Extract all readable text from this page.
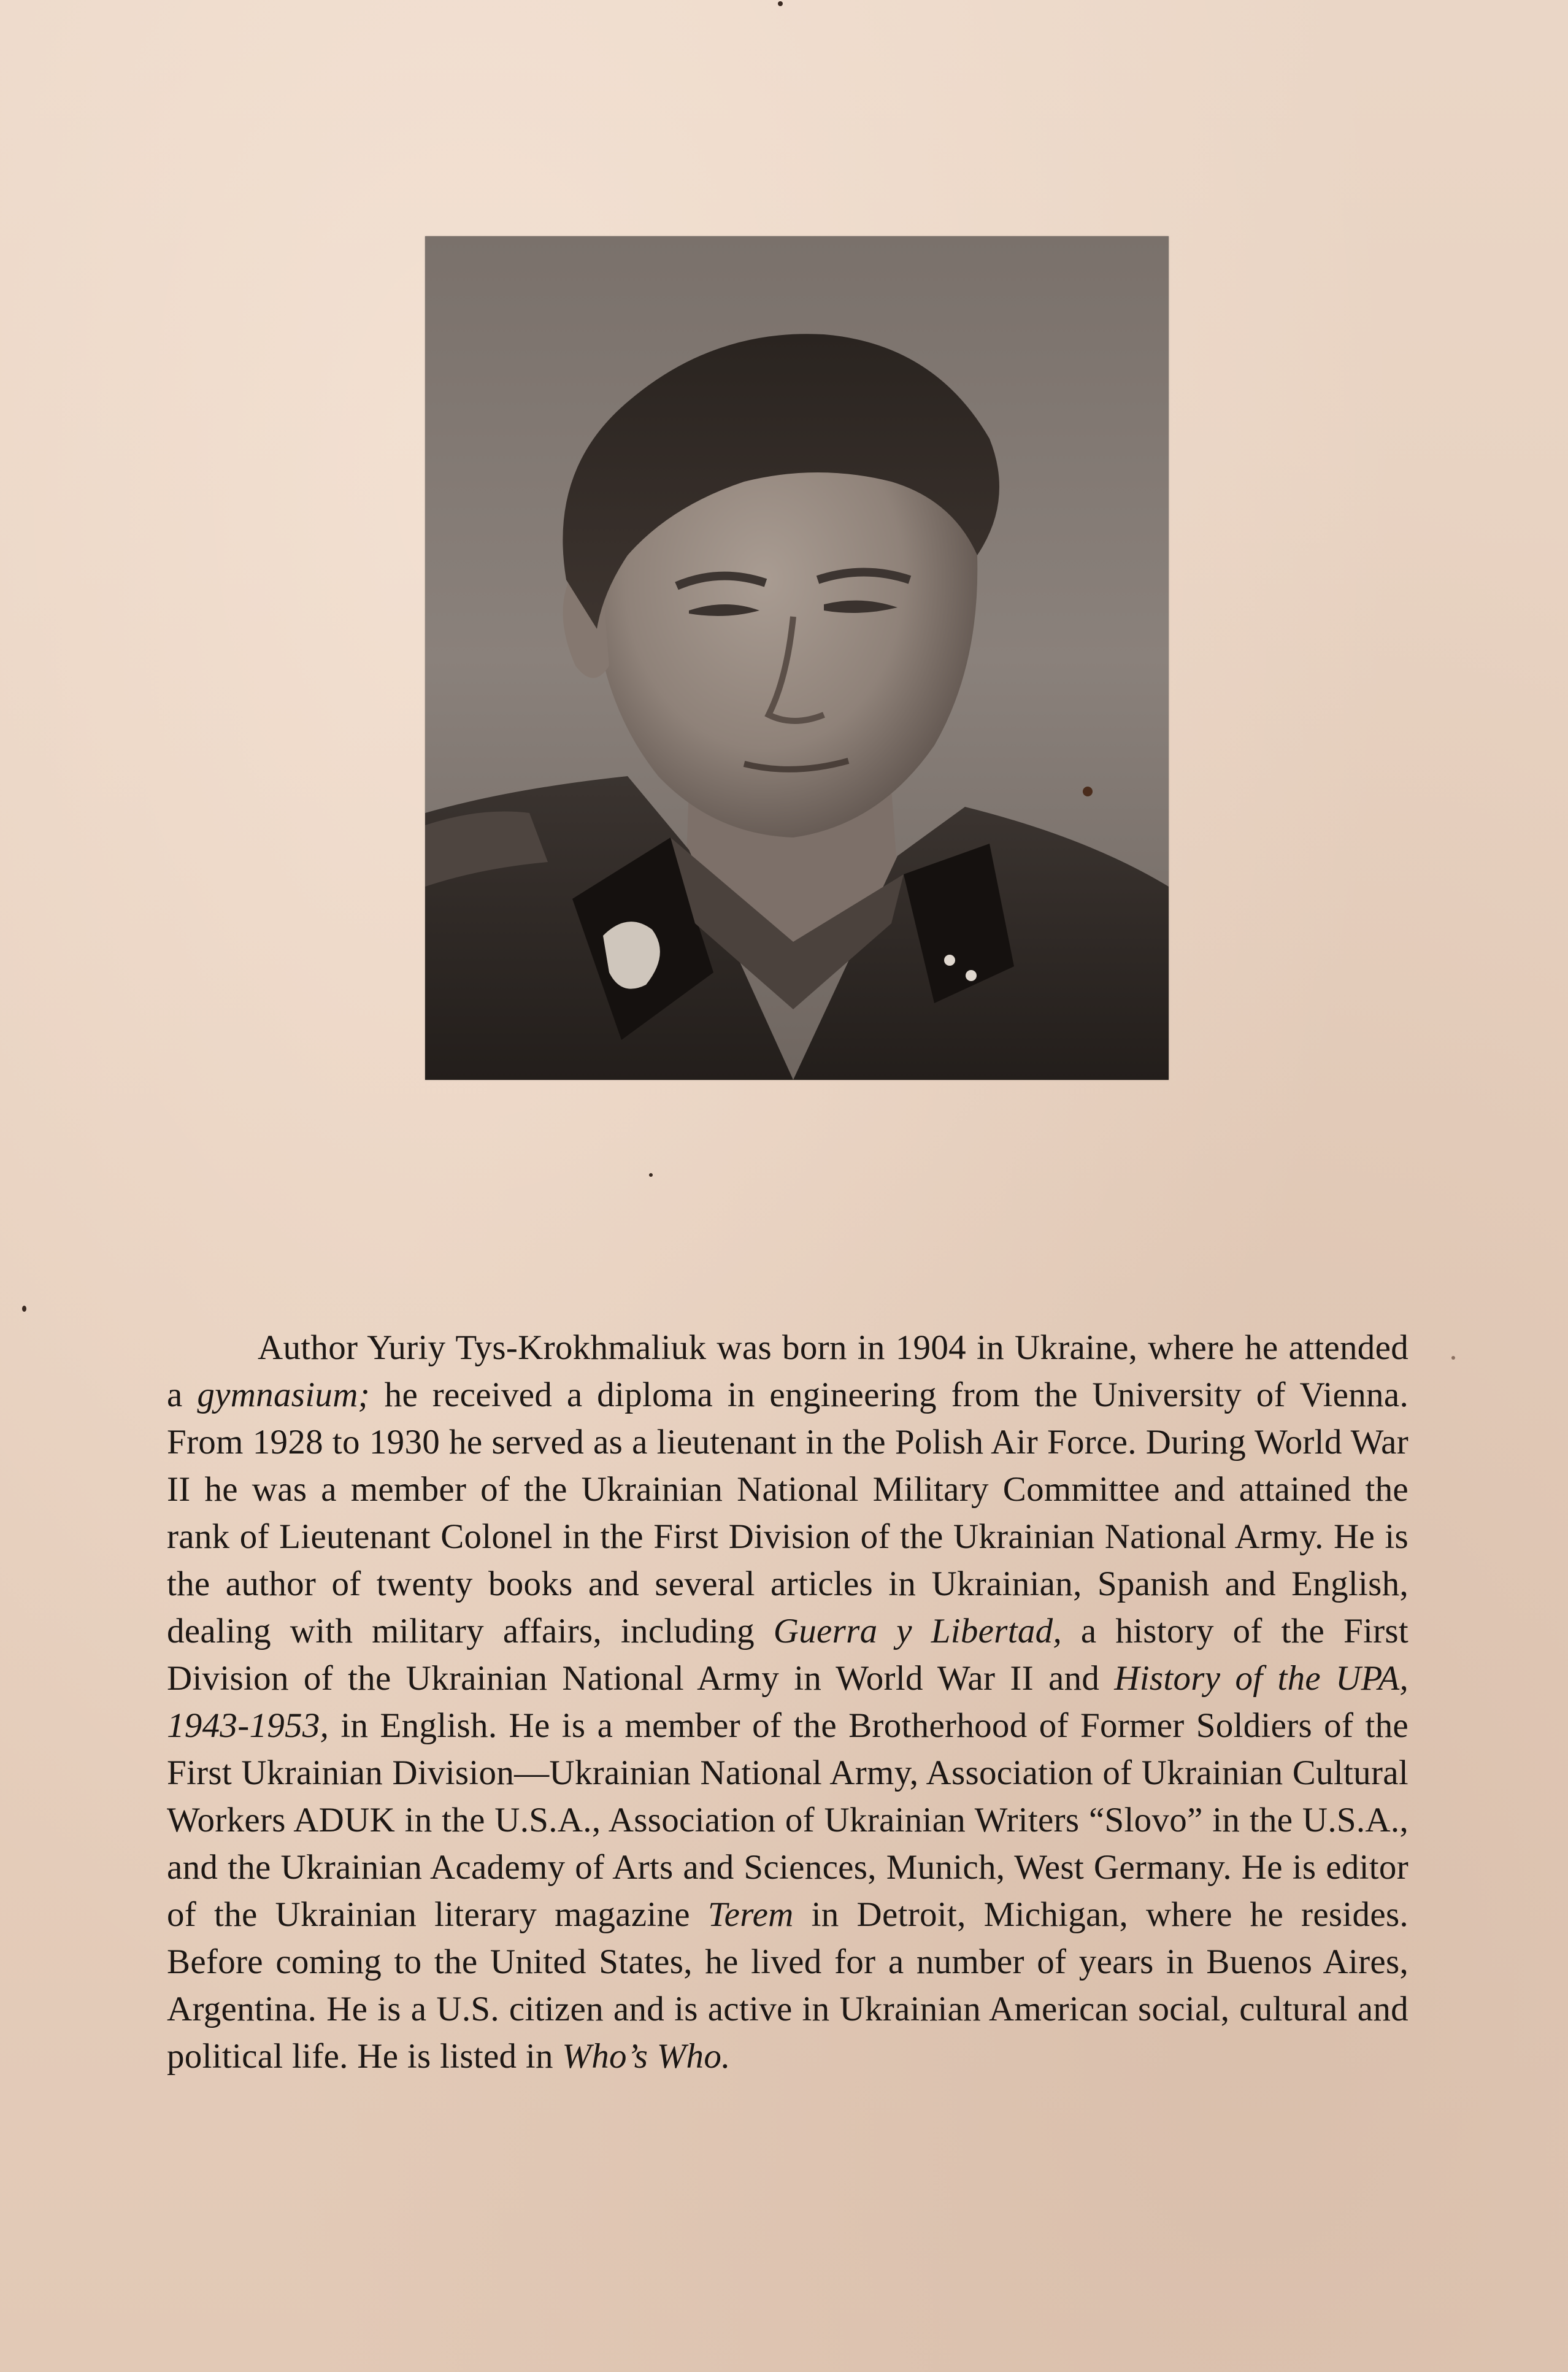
Author Yuriy Tys-Krokhmaliuk was born in 1904 in Ukraine, where he attended a gymnasium; he received a diploma in engineering from the University of Vienna. From 1928 to 1930 he served as a lieutenant in the Polish Air Force. During World War II he was a member of the Ukrainian National Military Committee and attained the rank of Lieutenant Colonel in the First Division of the Ukrainian National Army. He is the author of twenty books and several articles in Ukrainian, Spanish and English, dealing with military affairs, including Guerra y Libertad, a history of the First Division of the Ukrainian National Army in World War II and History of the UPA, 1943-1953, in English. He is a member of the Brotherhood of Former Soldiers of the First Ukrainian Division—Ukrainian National Army, Association of Ukrainian Cultural Workers ADUK in the U.S.A., Association of Ukrainian Writers “Slovo” in the U.S.A., and the Ukrainian Academy of Arts and Sciences, Munich, West Germany. He is editor of the Ukrainian literary magazine Terem in Detroit, Michigan, where he resides. Before coming to the United States, he lived for a number of years in Buenos Aires, Argentina. He is a U.S. citizen and is active in Ukrainian American social, cultural and political life. He is listed in Who’s Who.
